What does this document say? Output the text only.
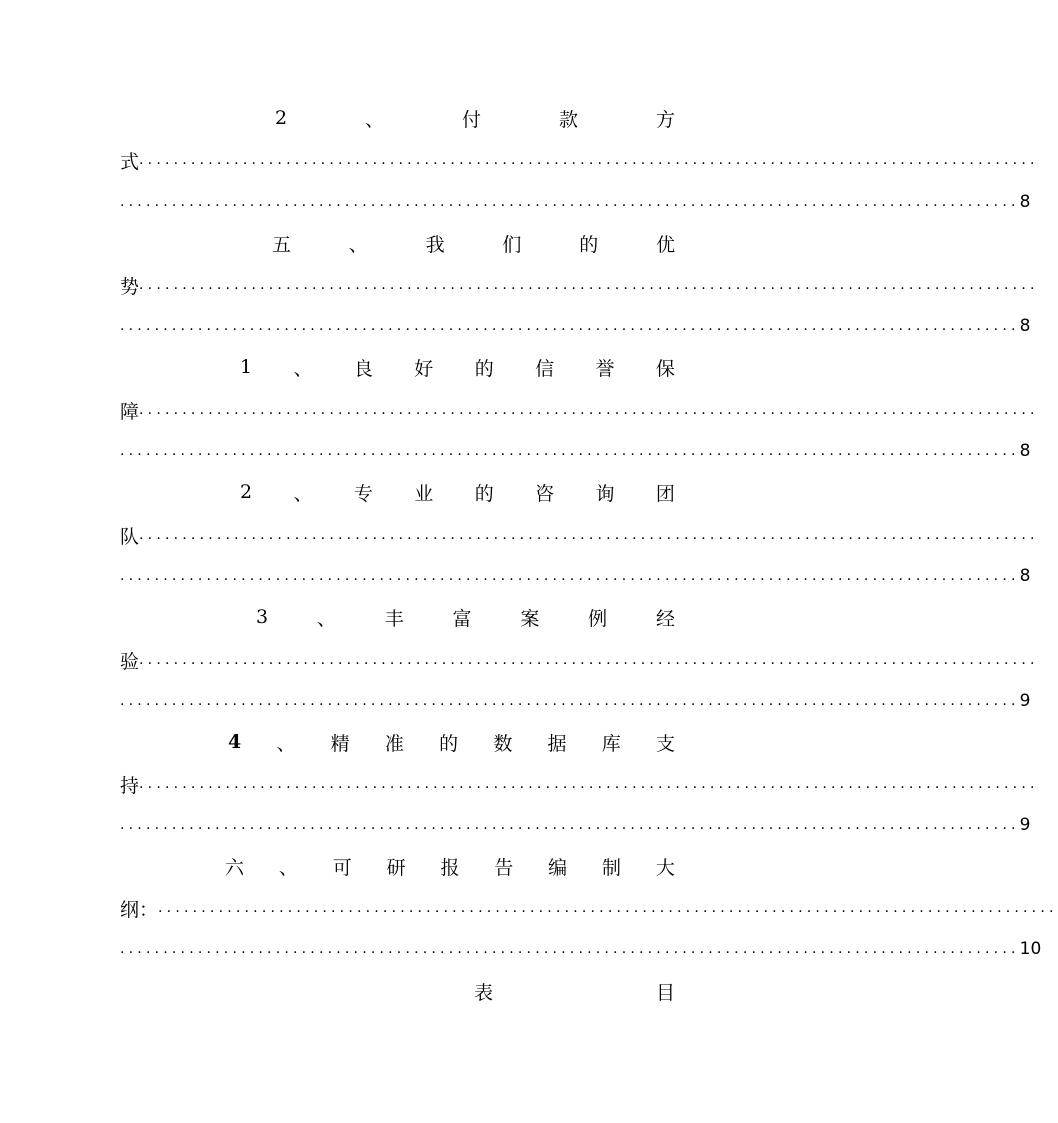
2	、	付	款	方
式 ........................................................................................................
........................................................................................................ 8
五	、	我	们	的	优
势 ........................................................................................................
........................................................................................................ 8
1 、 良 好 的 信 誉 保
障 ........................................................................................................
........................................................................................................ 8
2 、 专 业 的 咨 询 团
队 ........................................................................................................
........................................................................................................ 8
3	、	丰	富	案	例	经
验 ........................................................................................................
........................................................................................................ 9
4 、 精 准 的 数 据 库 支
持 ........................................................................................................
........................................................................................................ 9
六 、 可 研 报 告 编 制 大
纲： ........................................................................................................
........................................................................................................ 10
表	目
